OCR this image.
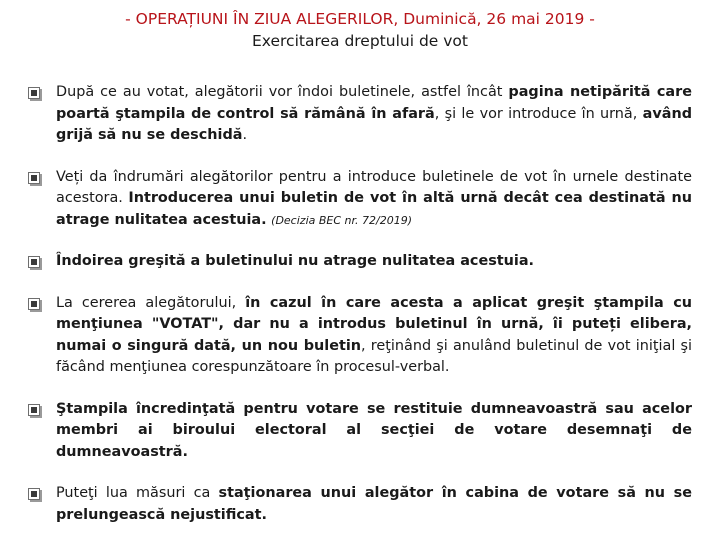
- OPERAȚIUNI ÎN ZIUA ALEGERILOR, Duminică, 26 mai 2019 -
Exercitarea dreptului de vot
După ce au votat, alegătorii vor îndoi buletinele, astfel încât pagina netipărită care poartă ştampila de control să rămână în afară, şi le vor introduce în urnă, având grijă să nu se deschidă.
Veți da îndrumări alegătorilor pentru a introduce buletinele de vot în urnele destinate acestora. Introducerea unui buletin de vot în altă urnă decât cea destinată nu atrage nulitatea acestuia. (Decizia BEC nr. 72/2019)
Îndoirea greşită a buletinului nu atrage nulitatea acestuia.
La cererea alegătorului, în cazul în care acesta a aplicat greşit ştampila cu menţiunea "VOTAT", dar nu a introdus buletinul în urnă, îi puteți elibera, numai o singură dată, un nou buletin, reţinând şi anulând buletinul de vot iniţial şi făcând menţiunea corespunzătoare în procesul-verbal.
Ştampila încredinţată pentru votare se restituie dumneavoastră sau acelor membri ai biroului electoral al secţiei de votare desemnaţi de dumneavoastră.
Puteţi lua măsuri ca staţionarea unui alegător în cabina de votare să nu se prelungească nejustificat.
